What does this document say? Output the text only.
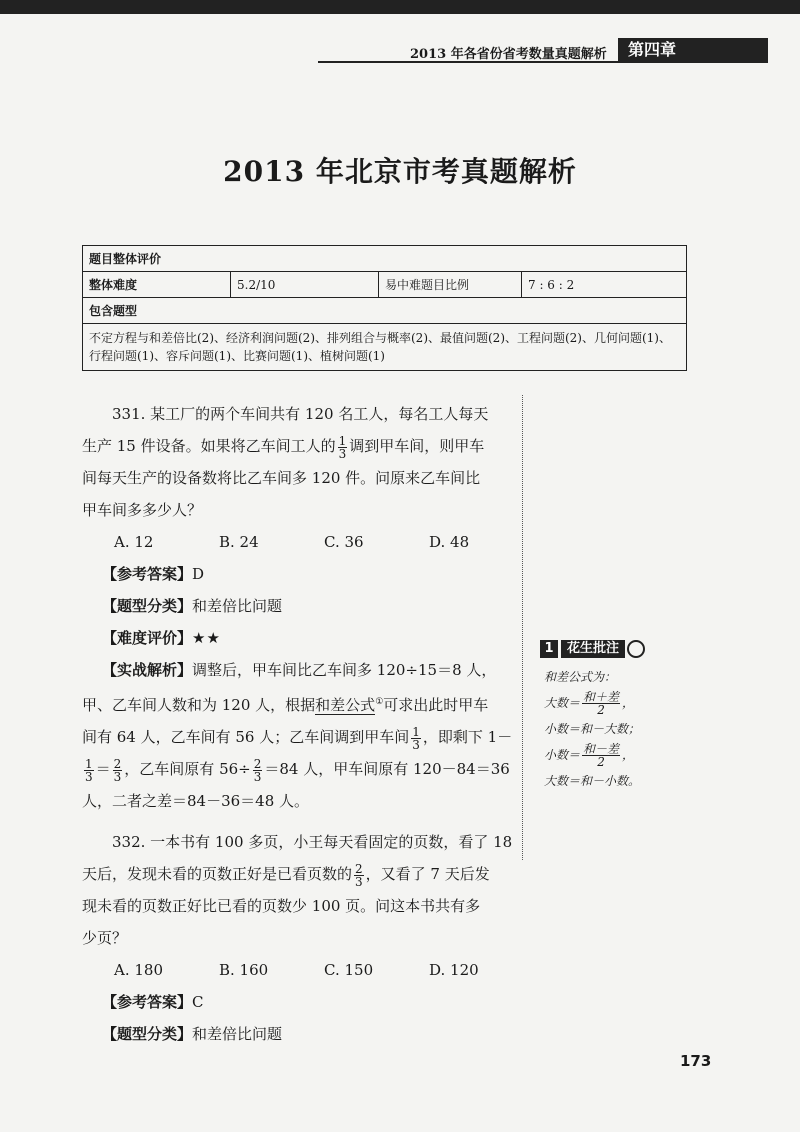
2013 年各省份省考数量真题解析	第四章
2013 年北京市考真题解析
题目整体评价
整体难度	5.2/10	易中难题目比例	7 : 6 : 2
包含题型
不定方程与和差倍比(2)、经济利润问题(2)、排列组合与概率(2)、最值问题(2)、工程问题(2)、几何问题(1)、行程问题(1)、容斥问题(1)、比赛问题(1)、植树问题(1)

331. 某工厂的两个车间共有 120 名工人，每名工人每天

生产 15 件设备。如果将乙车间工人的 $\frac{1}{3}$ 调到甲车间，则甲车

间每天生产的设备数将比乙车间多 120 件。问原来乙车间比

甲车间多多少人？

A. 12	B. 24	C. 36	D. 48

【参考答案】D

【题型分类】和差倍比问题

【难度评价】★★

【实战解析】调整后，甲车间比乙车间多 120÷15＝8 人，

甲、乙车间人数和为 120 人，根据和差公式①可求出此时甲车

间有 64 人，乙车间有 56 人；乙车间调到甲车间 $\frac{1}{3}$ ，即剩下 1－

$\frac{1}{3} = \frac{2}{3}$ ，乙车间原有 $56\div \frac{2}{3} =84$ 人，甲车间原有 120－84＝36

人，二者之差＝84－36＝48 人。

332. 一本书有 100 多页，小王每天看固定的页数，看了 18

天后，发现未看的页数正好是已看页数的 $\frac{2}{3}$ ，又看了 7 天后发

现未看的页数正好比已看的页数少 100 页。问这本书共有多

少页？

A. 180	B. 160	C. 150	D. 120

【参考答案】C

【题型分类】和差倍比问题

1	花生批注
和差公式为：
大数＝ $\frac{\text{和＋差}}{2}$ ，
小数＝和－大数；
小数＝ $\frac{\text{和－差}}{2}$ ，
大数＝和－小数。
173
